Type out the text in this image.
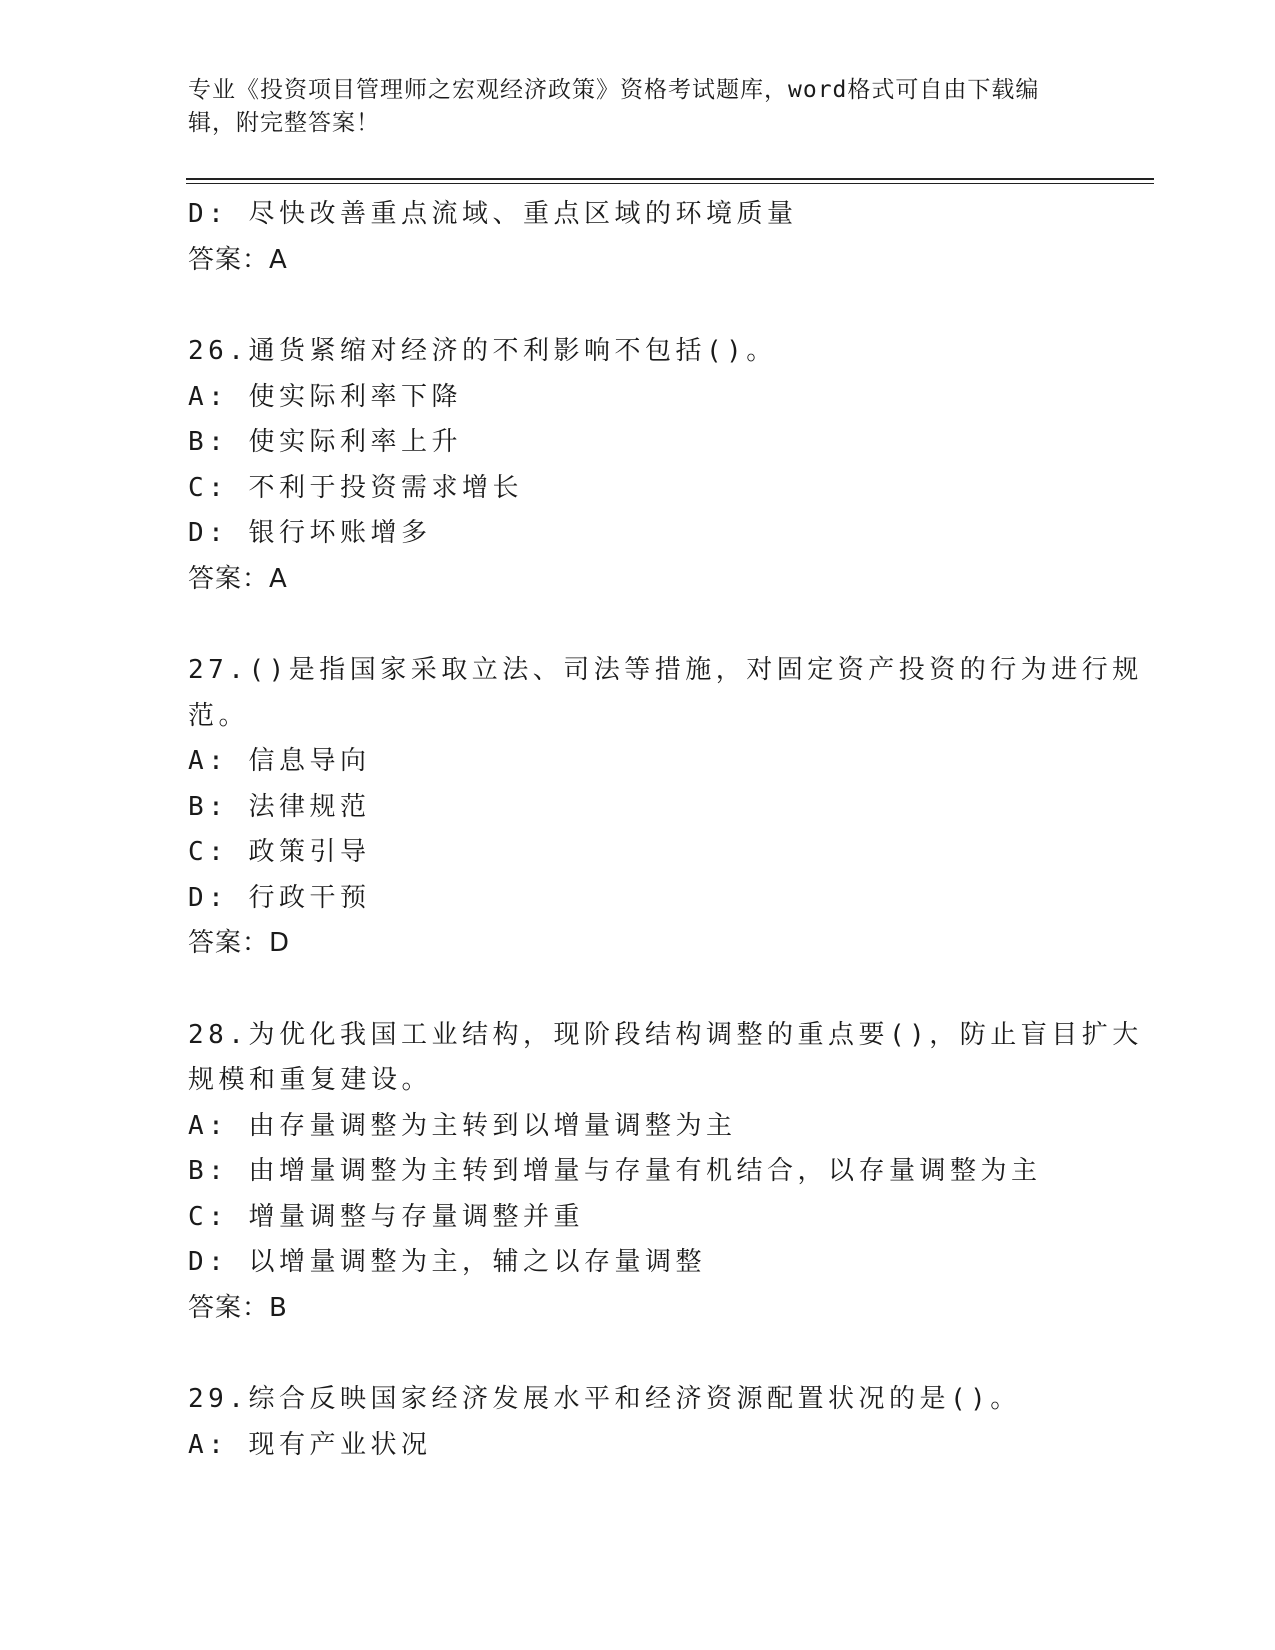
专业《投资项目管理师之宏观经济政策》资格考试题库，word格式可自由下载编辑，附完整答案！
D: 尽快改善重点流域、重点区域的环境质量
答案：A
26.通货紧缩对经济的不利影响不包括()。
A: 使实际利率下降
B: 使实际利率上升
C: 不利于投资需求增长
D: 银行坏账增多
答案：A
27.()是指国家采取立法、司法等措施，对固定资产投资的行为进行规
范。
A: 信息导向
B: 法律规范
C: 政策引导
D: 行政干预
答案：D
28.为优化我国工业结构，现阶段结构调整的重点要()，防止盲目扩大
规模和重复建设。
A: 由存量调整为主转到以增量调整为主
B: 由增量调整为主转到增量与存量有机结合，以存量调整为主
C: 增量调整与存量调整并重
D: 以增量调整为主，辅之以存量调整
答案：B
29.综合反映国家经济发展水平和经济资源配置状况的是()。
A: 现有产业状况
